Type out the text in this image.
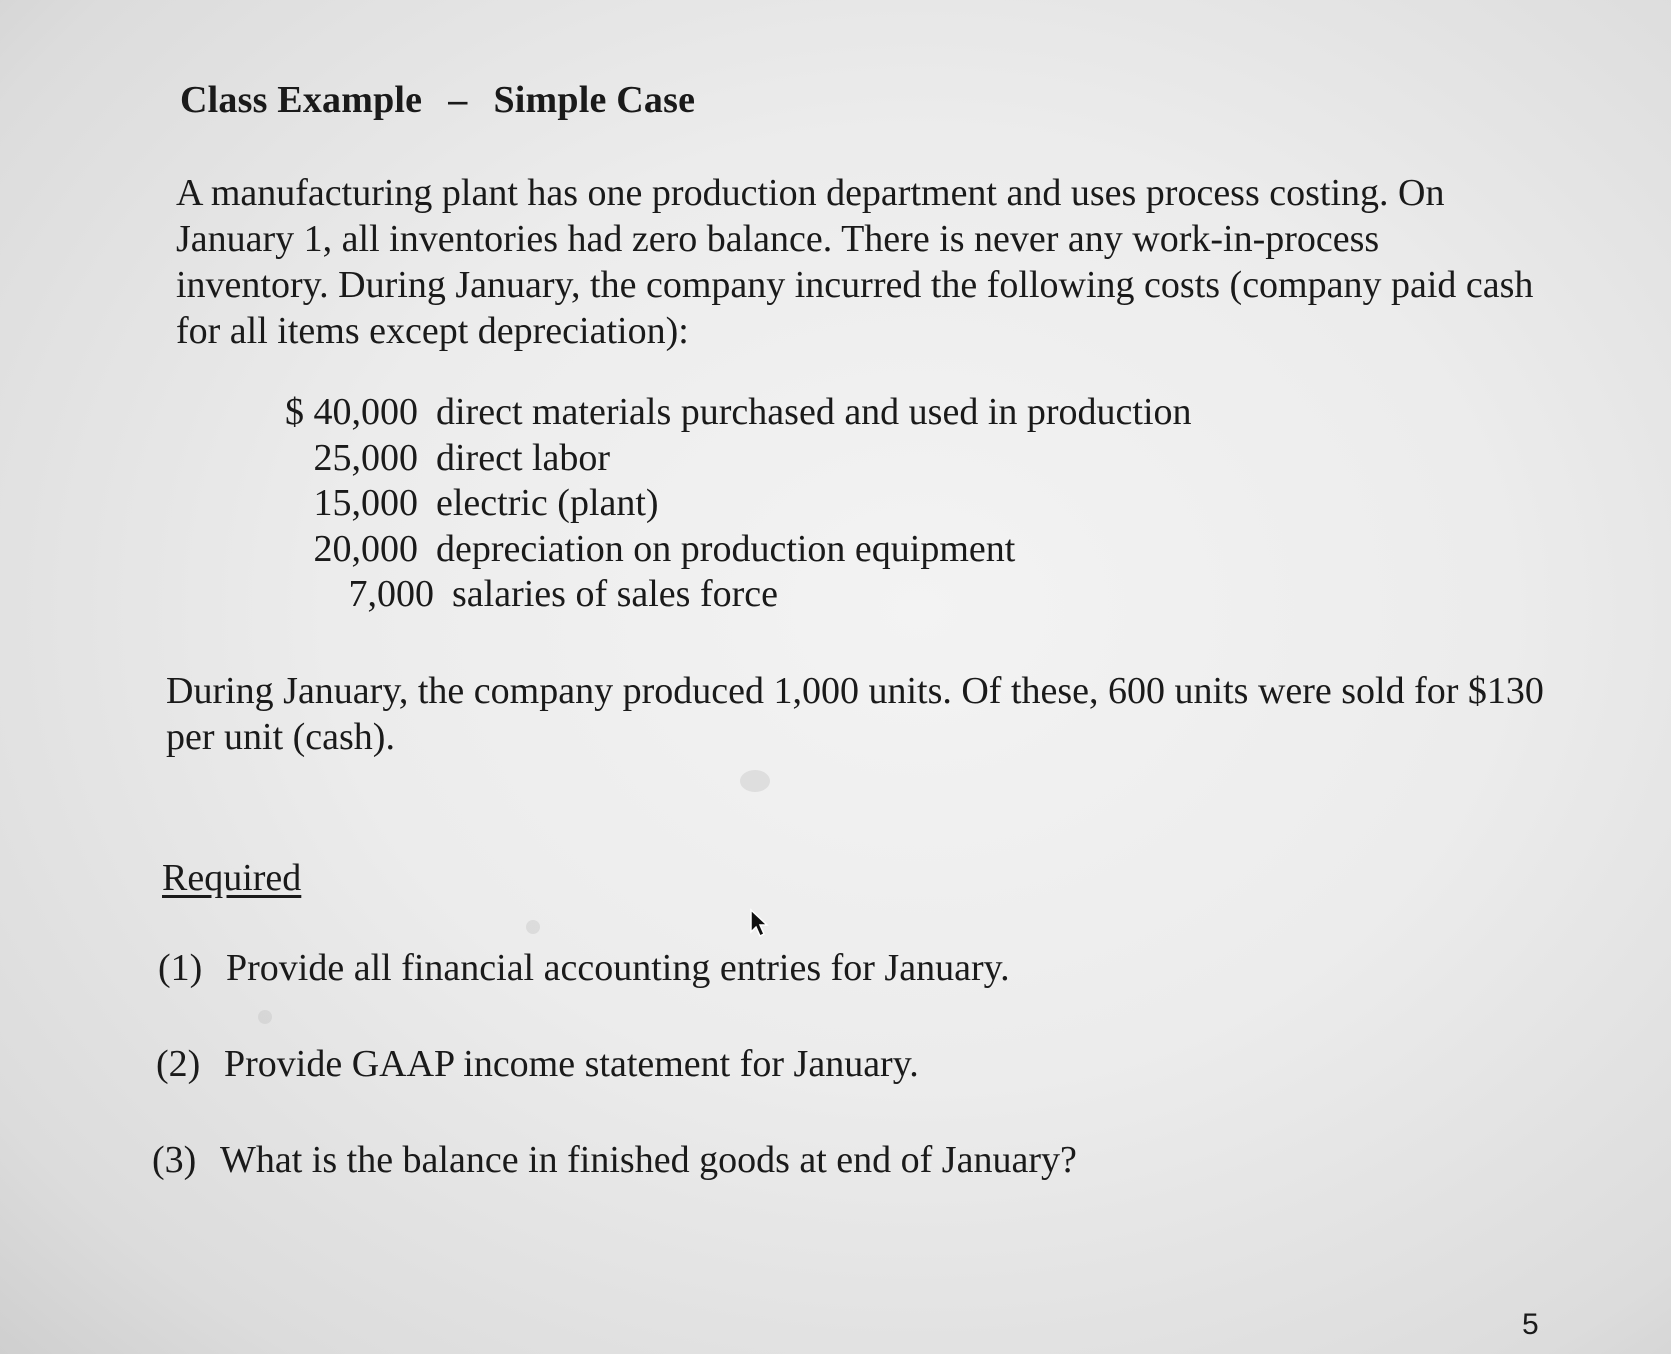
Class Example – Simple Case

A manufacturing plant has one production department and uses process costing. On January 1, all inventories had zero balance. There is never any work-in-process inventory. During January, the company incurred the following costs (company paid cash for all items except depreciation):

$ 40,000 direct materials purchased and used in production
25,000 direct labor
15,000 electric (plant)
20,000 depreciation on production equipment
7,000 salaries of sales force

During January, the company produced 1,000 units. Of these, 600 units were sold for $130 per unit (cash).

Required
(1) Provide all financial accounting entries for January.
(2) Provide GAAP income statement for January.
(3) What is the balance in finished goods at end of January?
5
